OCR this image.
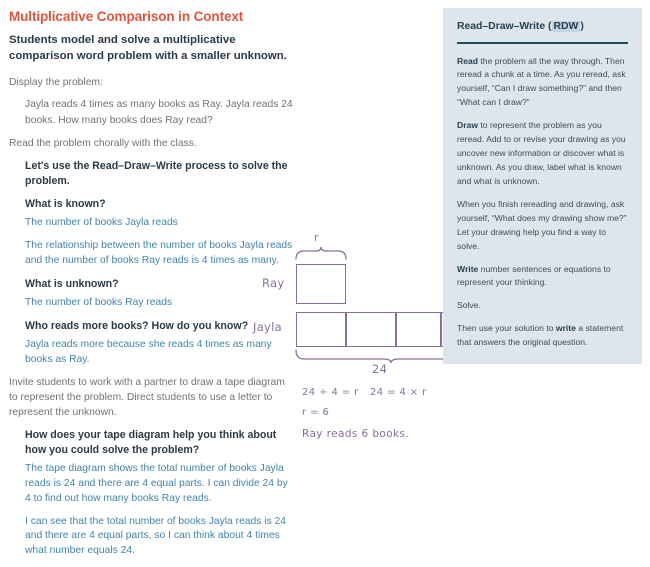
Multiplicative Comparison in Context

Students model and solve a multiplicative comparison word problem with a smaller unknown.

Display the problem:

Jayla reads 4 times as many books as Ray. Jayla reads 24 books. How many books does Ray read?

Read the problem chorally with the class.

Let's use the Read–Draw–Write process to solve the problem.

What is known?

The number of books Jayla reads

The relationship between the number of books Jayla reads and the number of books Ray reads is 4 times as many.

What is unknown?

The number of books Ray reads

Who reads more books? How do you know?

Jayla reads more because she reads 4 times as many books as Ray.

Invite students to work with a partner to draw a tape diagram to represent the problem. Direct students to use a letter to represent the unknown.

How does your tape diagram help you think about how you could solve the problem?

The tape diagram shows the total number of books Jayla reads is 24 and there are 4 equal parts. I can divide 24 by 4 to find out how many books Ray reads.

I can see that the total number of books Jayla reads is 24 and there are 4 equal parts, so I can think about 4 times what number equals 24.

r
Ray
Jayla
24
24 ÷ 4 = r 24 = 4 × r
r = 6
Ray reads 6 books.
Read–Draw–Write ( RDW )

Read the problem all the way through. Then reread a chunk at a time. As you reread, ask yourself, “Can I draw something?” and then “What can I draw?”

Draw to represent the problem as you reread. Add to or revise your drawing as you uncover new information or discover what is unknown. As you draw, label what is known and what is unknown.

When you finish rereading and drawing, ask yourself, “What does my drawing show me?” Let your drawing help you find a way to solve.

Write number sentences or equations to represent your thinking.

Solve.

Then use your solution to write a statement that answers the original question.
